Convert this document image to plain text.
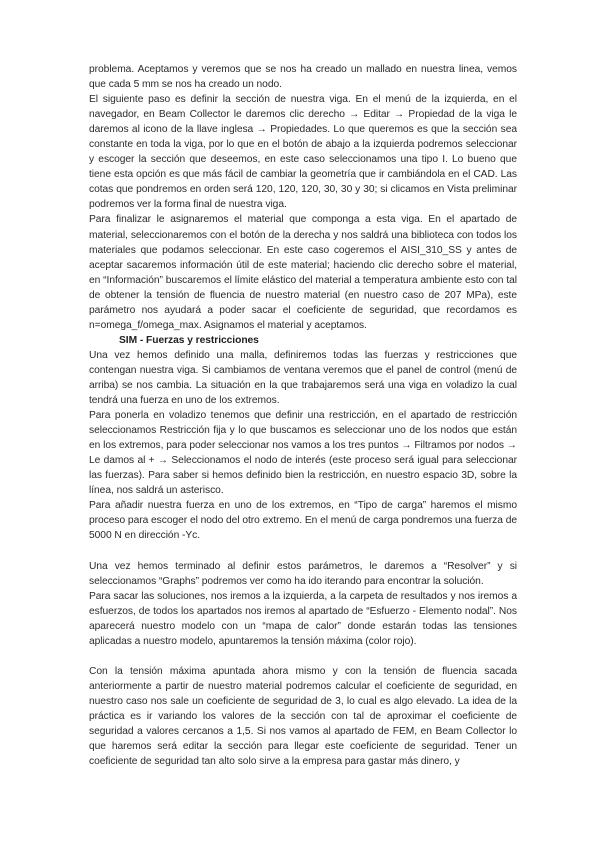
problema. Aceptamos y veremos que se nos ha creado un mallado en nuestra linea, vemos que cada 5 mm se nos ha creado un nodo.

El siguiente paso es definir la sección de nuestra viga. En el menú de la izquierda, en el navegador, en Beam Collector le daremos clic derecho → Editar → Propiedad de la viga le daremos al icono de la llave inglesa → Propiedades. Lo que queremos es que la sección sea constante en toda la viga, por lo que en el botón de abajo a la izquierda podremos seleccionar y escoger la sección que deseemos, en este caso seleccionamos una tipo I. Lo bueno que tiene esta opción es que más fácil de cambiar la geometría que ir cambiándola en el CAD. Las cotas que pondremos en orden será 120, 120, 120, 30, 30 y 30; si clicamos en Vista preliminar podremos ver la forma final de nuestra viga.

Para finalizar le asignaremos el material que componga a esta viga. En el apartado de material, seleccionaremos con el botón de la derecha y nos saldrá una biblioteca con todos los materiales que podamos seleccionar. En este caso cogeremos el AISI_310_SS y antes de aceptar sacaremos información útil de este material; haciendo clic derecho sobre el material, en “Información” buscaremos el límite elástico del material a temperatura ambiente esto con tal de obtener la tensión de fluencia de nuestro material (en nuestro caso de 207 MPa), este parámetro nos ayudará a poder sacar el coeficiente de seguridad, que recordamos es n=omega_f/omega_max. Asignamos el material y aceptamos.

SIM - Fuerzas y restricciones

Una vez hemos definido una malla, definiremos todas las fuerzas y restricciones que contengan nuestra viga. Si cambiamos de ventana veremos que el panel de control (menú de arriba) se nos cambia. La situación en la que trabajaremos será una viga en voladizo la cual tendrá una fuerza en uno de los extremos.

Para ponerla en voladizo tenemos que definir una restricción, en el apartado de restricción seleccionamos Restricción fija y lo que buscamos es seleccionar uno de los nodos que están en los extremos, para poder seleccionar nos vamos a los tres puntos → Filtramos por nodos → Le damos al + → Seleccionamos el nodo de interés (este proceso será igual para seleccionar las fuerzas). Para saber si hemos definido bien la restricción, en nuestro espacio 3D, sobre la línea, nos saldrá un asterisco.

Para añadir nuestra fuerza en uno de los extremos, en “Tipo de carga” haremos el mismo proceso para escoger el nodo del otro extremo. En el menú de carga pondremos una fuerza de 5000 N en dirección -Yc.

Una vez hemos terminado al definir estos parámetros, le daremos a “Resolver” y si seleccionamos “Graphs” podremos ver como ha ido iterando para encontrar la solución.

Para sacar las soluciones, nos iremos a la izquierda, a la carpeta de resultados y nos iremos a esfuerzos, de todos los apartados nos iremos al apartado de “Esfuerzo - Elemento nodal”. Nos aparecerá nuestro modelo con un “mapa de calor” donde estarán todas las tensiones aplicadas a nuestro modelo, apuntaremos la tensión máxima (color rojo).

Con la tensión máxima apuntada ahora mismo y con la tensión de fluencia sacada anteriormente a partir de nuestro material podremos calcular el coeficiente de seguridad, en nuestro caso nos sale un coeficiente de seguridad de 3, lo cual es algo elevado. La idea de la práctica es ir variando los valores de la sección con tal de aproximar el coeficiente de seguridad a valores cercanos a 1,5. Si nos vamos al apartado de FEM, en Beam Collector lo que haremos será editar la sección para llegar este coeficiente de seguridad. Tener un coeficiente de seguridad tan alto solo sirve a la empresa para gastar más dinero, y
